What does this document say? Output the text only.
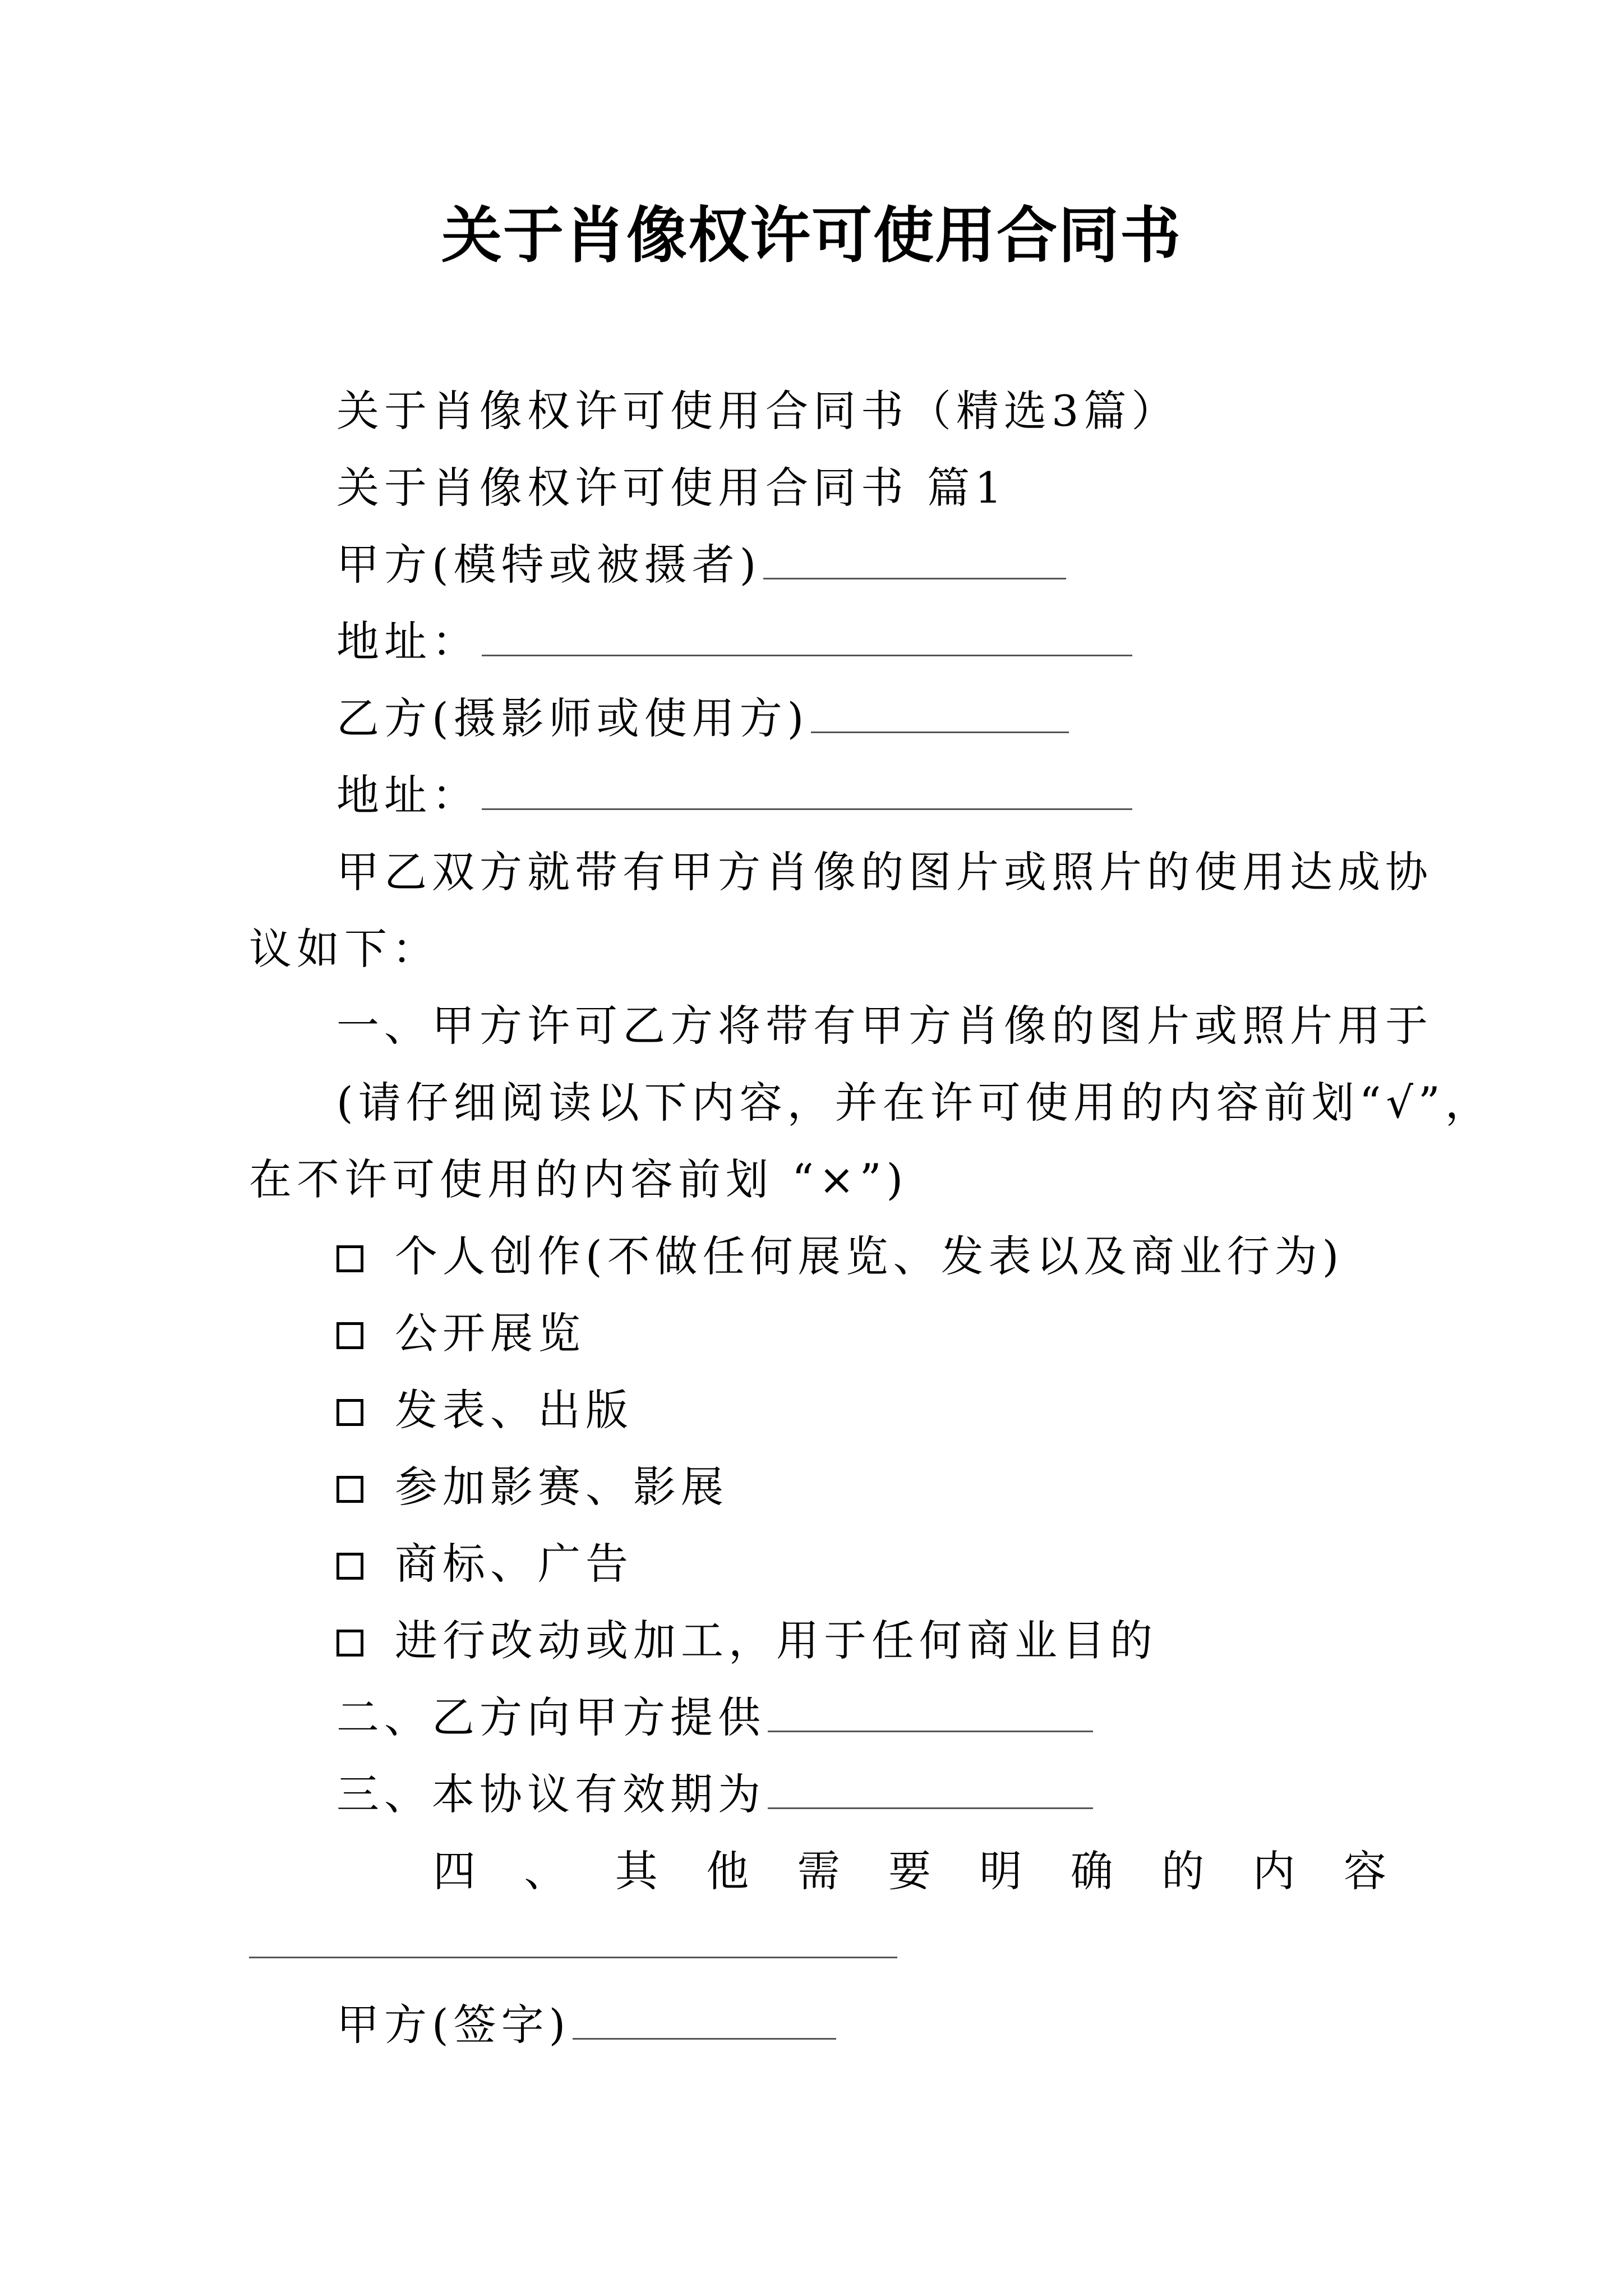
关于肖像权许可使用合同书
关于肖像权许可使用合同书（精选3篇）
关于肖像权许可使用合同书 篇1
甲方(模特或被摄者)
地址：
乙方(摄影师或使用方)
地址：
甲乙双方就带有甲方肖像的图片或照片的使用达成协
议如下：
一、甲方许可乙方将带有甲方肖像的图片或照片用于
(请仔细阅读以下内容，并在许可使用的内容前划“√”，
在不许可使用的内容前划 “×”)
个人创作(不做任何展览、发表以及商业行为)
公开展览
发表、出版
参加影赛、影展
商标、广告
进行改动或加工，用于任何商业目的
二、乙方向甲方提供
三、本协议有效期为
四 、 其 他 需 要 明 确 的 内 容
甲方(签字)
